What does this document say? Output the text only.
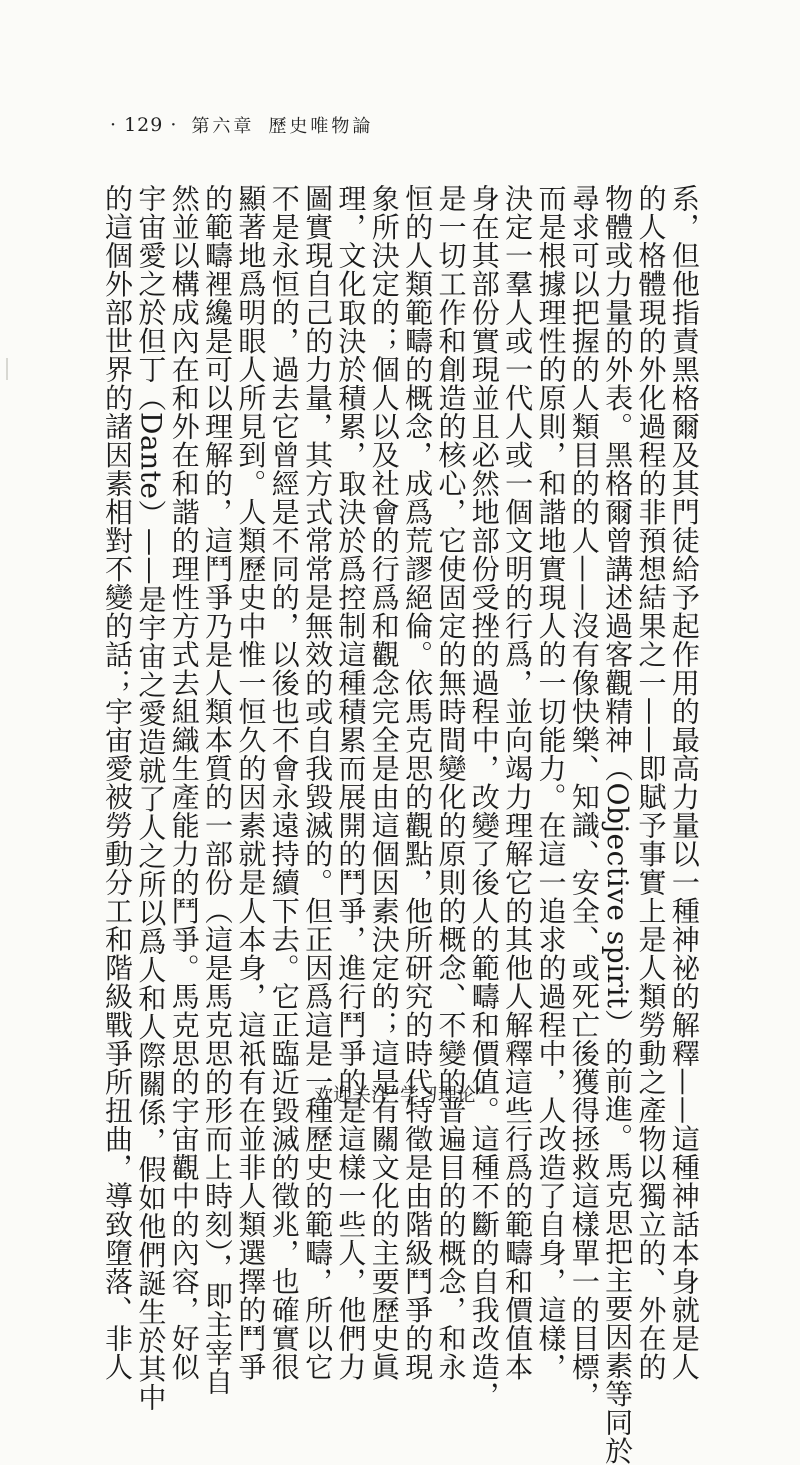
· 129 · 第六章 歷史唯物論
系，但他指責黑格爾及其門徒給予起作用的最高力量以一種神祕的解釋——這種神話本身就是人
的人格體現的外化過程的非預想結果之一——即賦予事實上是人類勞動之產物以獨立的、外在的
物體或力量的外表。黑格爾曾講述過客觀精神（Objective spirit）的前進。馬克思把主要因素等同於
尋求可以把握的人類目的的人——沒有像快樂、知識、安全、或死亡後獲得拯救這樣單一的目標，
而是根據理性的原則，和諧地實現人的一切能力。在這一追求的過程中，人改造了自身，這樣，
決定一羣人或一代人或一個文明的行爲，並向竭力理解它的其他人解釋這些行爲的範疇和價值本
身在其部份實現並且必然地部份受挫的過程中，改變了後人的範疇和價值。這種不斷的自我改造，
是一切工作和創造的核心，它使固定的無時間變化的原則的概念、不變的普遍目的的概念，和永
恒的人類範疇的概念，成爲荒謬絕倫。依馬克思的觀點，他所研究的時代特徵是由階級鬥爭的現
象所決定的；個人以及社會的行爲和觀念完全是由這個因素決定的；這是有關文化的主要歷史眞
理，文化取決於積累，取決於爲控制這種積累而展開的鬥爭，進行鬥爭的是這樣一些人，他們力
圖實現自己的力量，其方式常常是無效的或自我毀滅的。但正因爲這是一種歷史的範疇，所以它
不是永恒的，過去它曾經是不同的，以後也不會永遠持續下去。它正臨近毀滅的徵兆，也確實很
顯著地爲明眼人所見到。人類歷史中惟一恒久的因素就是人本身，這祇有在並非人類選擇的鬥爭
的範疇裡纔是可以理解的，這鬥爭乃是人類本質的一部份（這是馬克思的形而上時刻），即主宰自
然並以構成內在和外在和諧的理性方式去組織生產能力的鬥爭。馬克思的宇宙觀中的內容，好似
宇宙愛之於但丁（Dante）——是宇宙之愛造就了人之所以爲人和人際關係，假如他們誕生於其中
的這個外部世界的諸因素相對不變的話；宇宙愛被勞動分工和階級戰爭所扭曲，導致墮落、非人	欢迎关注“学习理论”
